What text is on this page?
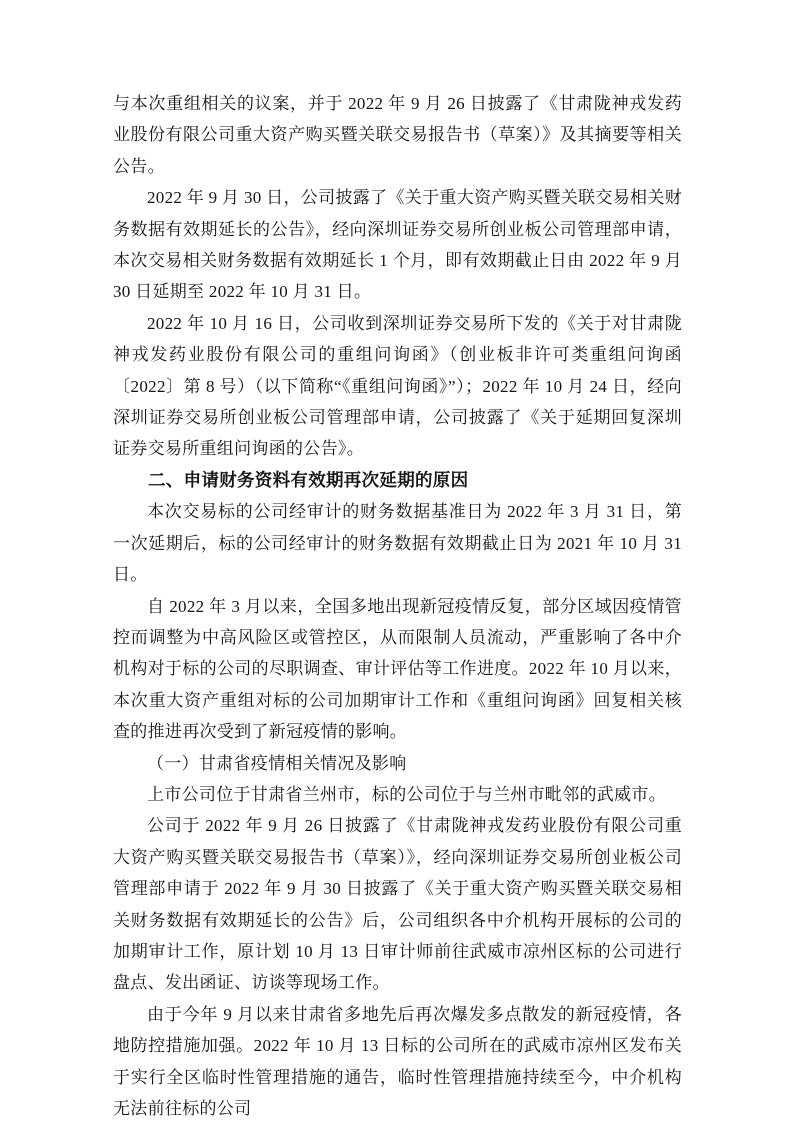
与本次重组相关的议案，并于 2022 年 9 月 26 日披露了《甘肃陇神戎发药业股份有限公司重大资产购买暨关联交易报告书（草案）》及其摘要等相关公告。

2022 年 9 月 30 日，公司披露了《关于重大资产购买暨关联交易相关财务数据有效期延长的公告》，经向深圳证券交易所创业板公司管理部申请，本次交易相关财务数据有效期延长 1 个月，即有效期截止日由 2022 年 9 月 30 日延期至 2022 年 10 月 31 日。

2022 年 10 月 16 日，公司收到深圳证券交易所下发的《关于对甘肃陇神戎发药业股份有限公司的重组问询函》（创业板非许可类重组问询函〔2022〕第 8 号）（以下简称“《重组问询函》”）；2022 年 10 月 24 日，经向深圳证券交易所创业板公司管理部申请，公司披露了《关于延期回复深圳证券交易所重组问询函的公告》。

二、申请财务资料有效期再次延期的原因

本次交易标的公司经审计的财务数据基准日为 2022 年 3 月 31 日，第一次延期后，标的公司经审计的财务数据有效期截止日为 2021 年 10 月 31 日。

自 2022 年 3 月以来，全国多地出现新冠疫情反复，部分区域因疫情管控而调整为中高风险区或管控区，从而限制人员流动，严重影响了各中介机构对于标的公司的尽职调查、审计评估等工作进度。2022 年 10 月以来，本次重大资产重组对标的公司加期审计工作和《重组问询函》回复相关核查的推进再次受到了新冠疫情的影响。

（一）甘肃省疫情相关情况及影响

上市公司位于甘肃省兰州市，标的公司位于与兰州市毗邻的武威市。

公司于 2022 年 9 月 26 日披露了《甘肃陇神戎发药业股份有限公司重大资产购买暨关联交易报告书（草案）》，经向深圳证券交易所创业板公司管理部申请于 2022 年 9 月 30 日披露了《关于重大资产购买暨关联交易相关财务数据有效期延长的公告》后，公司组织各中介机构开展标的公司的加期审计工作，原计划 10 月 13 日审计师前往武威市凉州区标的公司进行盘点、发出函证、访谈等现场工作。

由于今年 9 月以来甘肃省多地先后再次爆发多点散发的新冠疫情，各地防控措施加强。2022 年 10 月 13 日标的公司所在的武威市凉州区发布关于实行全区临时性管理措施的通告，临时性管理措施持续至今，中介机构无法前往标的公司
